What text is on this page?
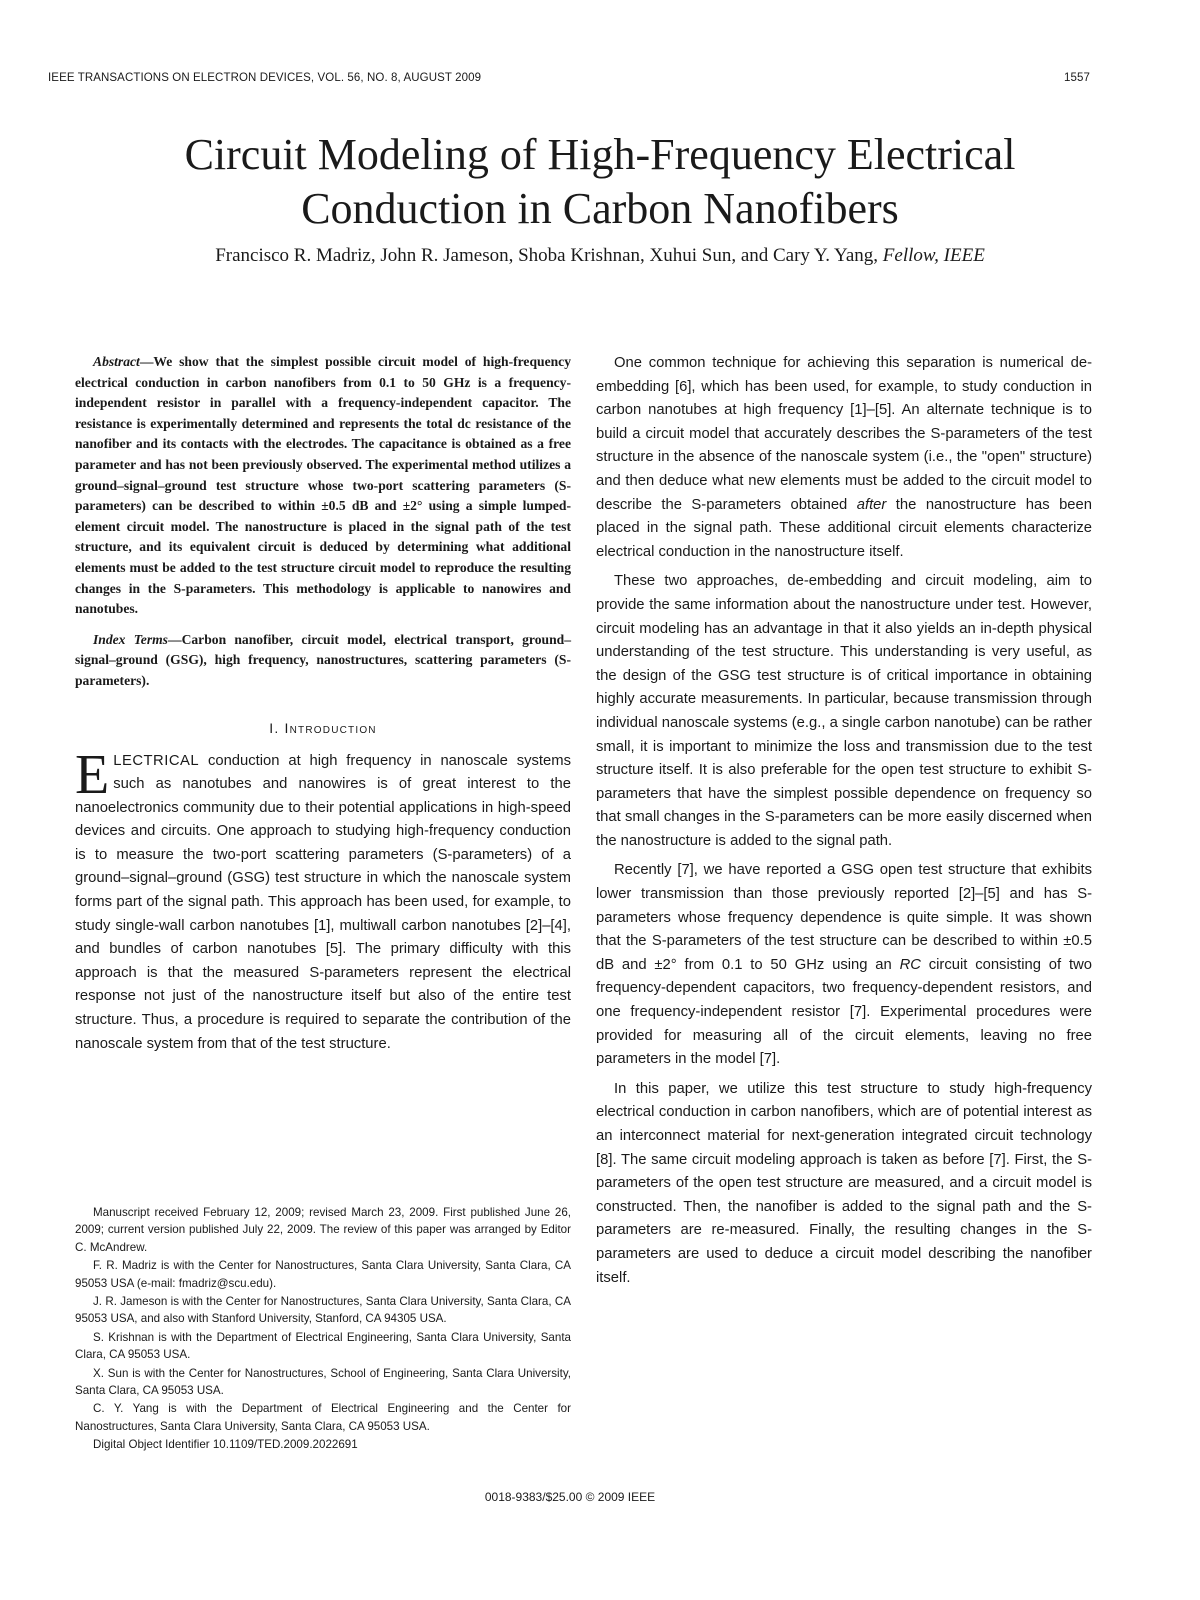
IEEE TRANSACTIONS ON ELECTRON DEVICES, VOL. 56, NO. 8, AUGUST 2009	1557
Circuit Modeling of High-Frequency Electrical
Conduction in Carbon Nanofibers
Francisco R. Madriz, John R. Jameson, Shoba Krishnan, Xuhui Sun, and Cary Y. Yang, Fellow, IEEE

Abstract—We show that the simplest possible circuit model of high-frequency electrical conduction in carbon nanofibers from 0.1 to 50 GHz is a frequency-independent resistor in parallel with a frequency-independent capacitor. The resistance is experimentally determined and represents the total dc resistance of the nanofiber and its contacts with the electrodes. The capacitance is obtained as a free parameter and has not been previously observed. The experimental method utilizes a ground–signal–ground test structure whose two-port scattering parameters (S-parameters) can be described to within ±0.5 dB and ±2° using a simple lumped-element circuit model. The nanostructure is placed in the signal path of the test structure, and its equivalent circuit is deduced by determining what additional elements must be added to the test structure circuit model to reproduce the resulting changes in the S-parameters. This methodology is applicable to nanowires and nanotubes.

Index Terms—Carbon nanofiber, circuit model, electrical transport, ground–signal–ground (GSG), high frequency, nanostructures, scattering parameters (S-parameters).

I. Introduction

ELECTRICAL conduction at high frequency in nanoscale systems such as nanotubes and nanowires is of great interest to the nanoelectronics community due to their potential applications in high-speed devices and circuits. One approach to studying high-frequency conduction is to measure the two-port scattering parameters (S-parameters) of a ground–signal–ground (GSG) test structure in which the nanoscale system forms part of the signal path. This approach has been used, for example, to study single-wall carbon nanotubes [1], multiwall carbon nanotubes [2]–[4], and bundles of carbon nanotubes [5]. The primary difficulty with this approach is that the measured S-parameters represent the electrical response not just of the nanostructure itself but also of the entire test structure. Thus, a procedure is required to separate the contribution of the nanoscale system from that of the test structure.

Manuscript received February 12, 2009; revised March 23, 2009. First published June 26, 2009; current version published July 22, 2009. The review of this paper was arranged by Editor C. McAndrew.

F. R. Madriz is with the Center for Nanostructures, Santa Clara University, Santa Clara, CA 95053 USA (e-mail: fmadriz@scu.edu).

J. R. Jameson is with the Center for Nanostructures, Santa Clara University, Santa Clara, CA 95053 USA, and also with Stanford University, Stanford, CA 94305 USA.

S. Krishnan is with the Department of Electrical Engineering, Santa Clara University, Santa Clara, CA 95053 USA.

X. Sun is with the Center for Nanostructures, School of Engineering, Santa Clara University, Santa Clara, CA 95053 USA.

C. Y. Yang is with the Department of Electrical Engineering and the Center for Nanostructures, Santa Clara University, Santa Clara, CA 95053 USA.

Digital Object Identifier 10.1109/TED.2009.2022691

One common technique for achieving this separation is numerical de-embedding [6], which has been used, for example, to study conduction in carbon nanotubes at high frequency [1]–[5]. An alternate technique is to build a circuit model that accurately describes the S-parameters of the test structure in the absence of the nanoscale system (i.e., the "open" structure) and then deduce what new elements must be added to the circuit model to describe the S-parameters obtained after the nanostructure has been placed in the signal path. These additional circuit elements characterize electrical conduction in the nanostructure itself.

These two approaches, de-embedding and circuit modeling, aim to provide the same information about the nanostructure under test. However, circuit modeling has an advantage in that it also yields an in-depth physical understanding of the test structure. This understanding is very useful, as the design of the GSG test structure is of critical importance in obtaining highly accurate measurements. In particular, because transmission through individual nanoscale systems (e.g., a single carbon nanotube) can be rather small, it is important to minimize the loss and transmission due to the test structure itself. It is also preferable for the open test structure to exhibit S-parameters that have the simplest possible dependence on frequency so that small changes in the S-parameters can be more easily discerned when the nanostructure is added to the signal path.

Recently [7], we have reported a GSG open test structure that exhibits lower transmission than those previously reported [2]–[5] and has S-parameters whose frequency dependence is quite simple. It was shown that the S-parameters of the test structure can be described to within ±0.5 dB and ±2° from 0.1 to 50 GHz using an RC circuit consisting of two frequency-dependent capacitors, two frequency-dependent resistors, and one frequency-independent resistor [7]. Experimental procedures were provided for measuring all of the circuit elements, leaving no free parameters in the model [7].

In this paper, we utilize this test structure to study high-frequency electrical conduction in carbon nanofibers, which are of potential interest as an interconnect material for next-generation integrated circuit technology [8]. The same circuit modeling approach is taken as before [7]. First, the S-parameters of the open test structure are measured, and a circuit model is constructed. Then, the nanofiber is added to the signal path and the S-parameters are re-measured. Finally, the resulting changes in the S-parameters are used to deduce a circuit model describing the nanofiber itself.

0018-9383/$25.00 © 2009 IEEE
